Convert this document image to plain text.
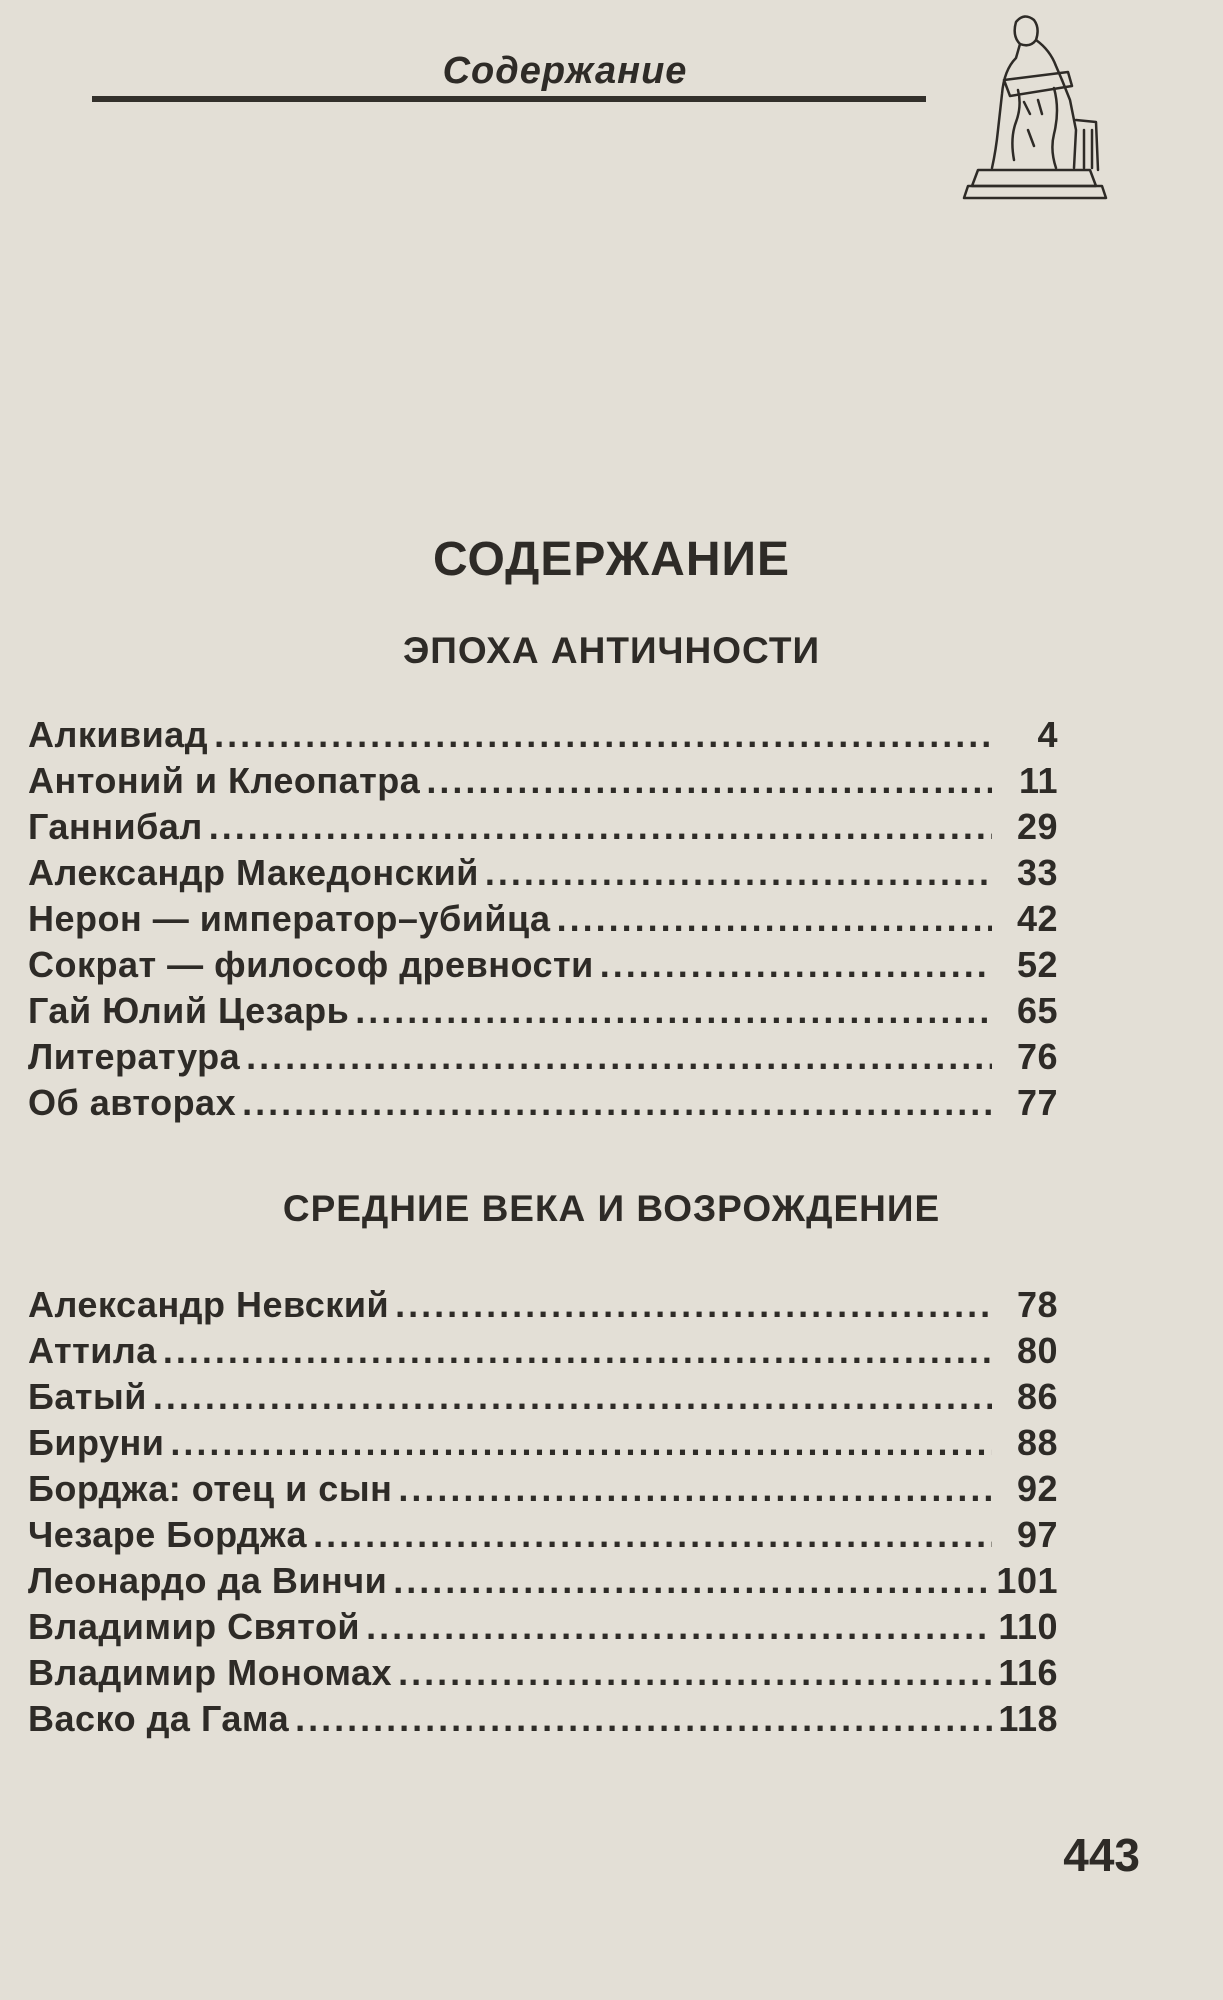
Содержание
СОДЕРЖАНИЕ
ЭПОХА АНТИЧНОСТИ
Алкивиад .....	4
Антоний и Клеопатра .....	11
Ганнибал .....	29
Александр Македонский .....	33
Нерон — император–убийца .....	42
Сократ — философ древности .....	52
Гай Юлий Цезарь .....	65
Литература .....	76
Об авторах .....	77
СРЕДНИЕ ВЕКА И ВОЗРОЖДЕНИЕ
Александр Невский .....	78
Аттила .....	80
Батый .....	86
Бируни .....	88
Борджа: отец и сын .....	92
Чезаре Борджа .....	97
Леонардо да Винчи .....	101
Владимир Святой .....	110
Владимир Мономах .....	116
Васко да Гама .....	118
443
